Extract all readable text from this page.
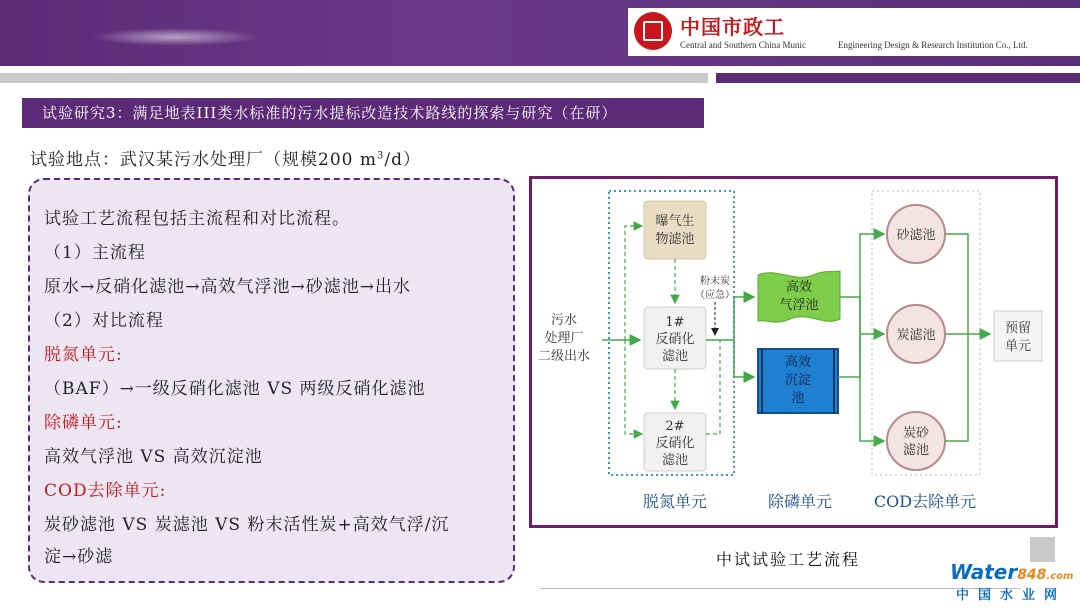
中国市政工
Central and Southern China Munic	Engineering Design & Research Institution Co., Ltd.
试验研究3：满足地表III类水标准的污水提标改造技术路线的探索与研究（在研）
试验地点：武汉某污水处理厂（规模200 $m^3/d$）
试验工艺流程包括主流程和对比流程。
（1）主流程
原水→反硝化滤池→高效气浮池→砂滤池→出水
（2）对比流程
脱氮单元:
（BAF）→一级反硝化滤池 VS 两级反硝化滤池
除磷单元:
高效气浮池 VS 高效沉淀池
COD去除单元:
炭砂滤池 VS 炭滤池 VS 粉末活性炭+高效气浮/沉
淀→砂滤
污水
处理厂
二级出水
曝气生
物滤池
1#
反硝化
滤池
2#
反硝化
滤池
粉末炭
（应急）
高效
气浮池
高效
沉淀
池
砂滤池
炭滤池
炭砂
滤池
预留
单元
脱氮单元	除磷单元	COD去除单元
中试试验工艺流程
Water848.com
中国水业网
